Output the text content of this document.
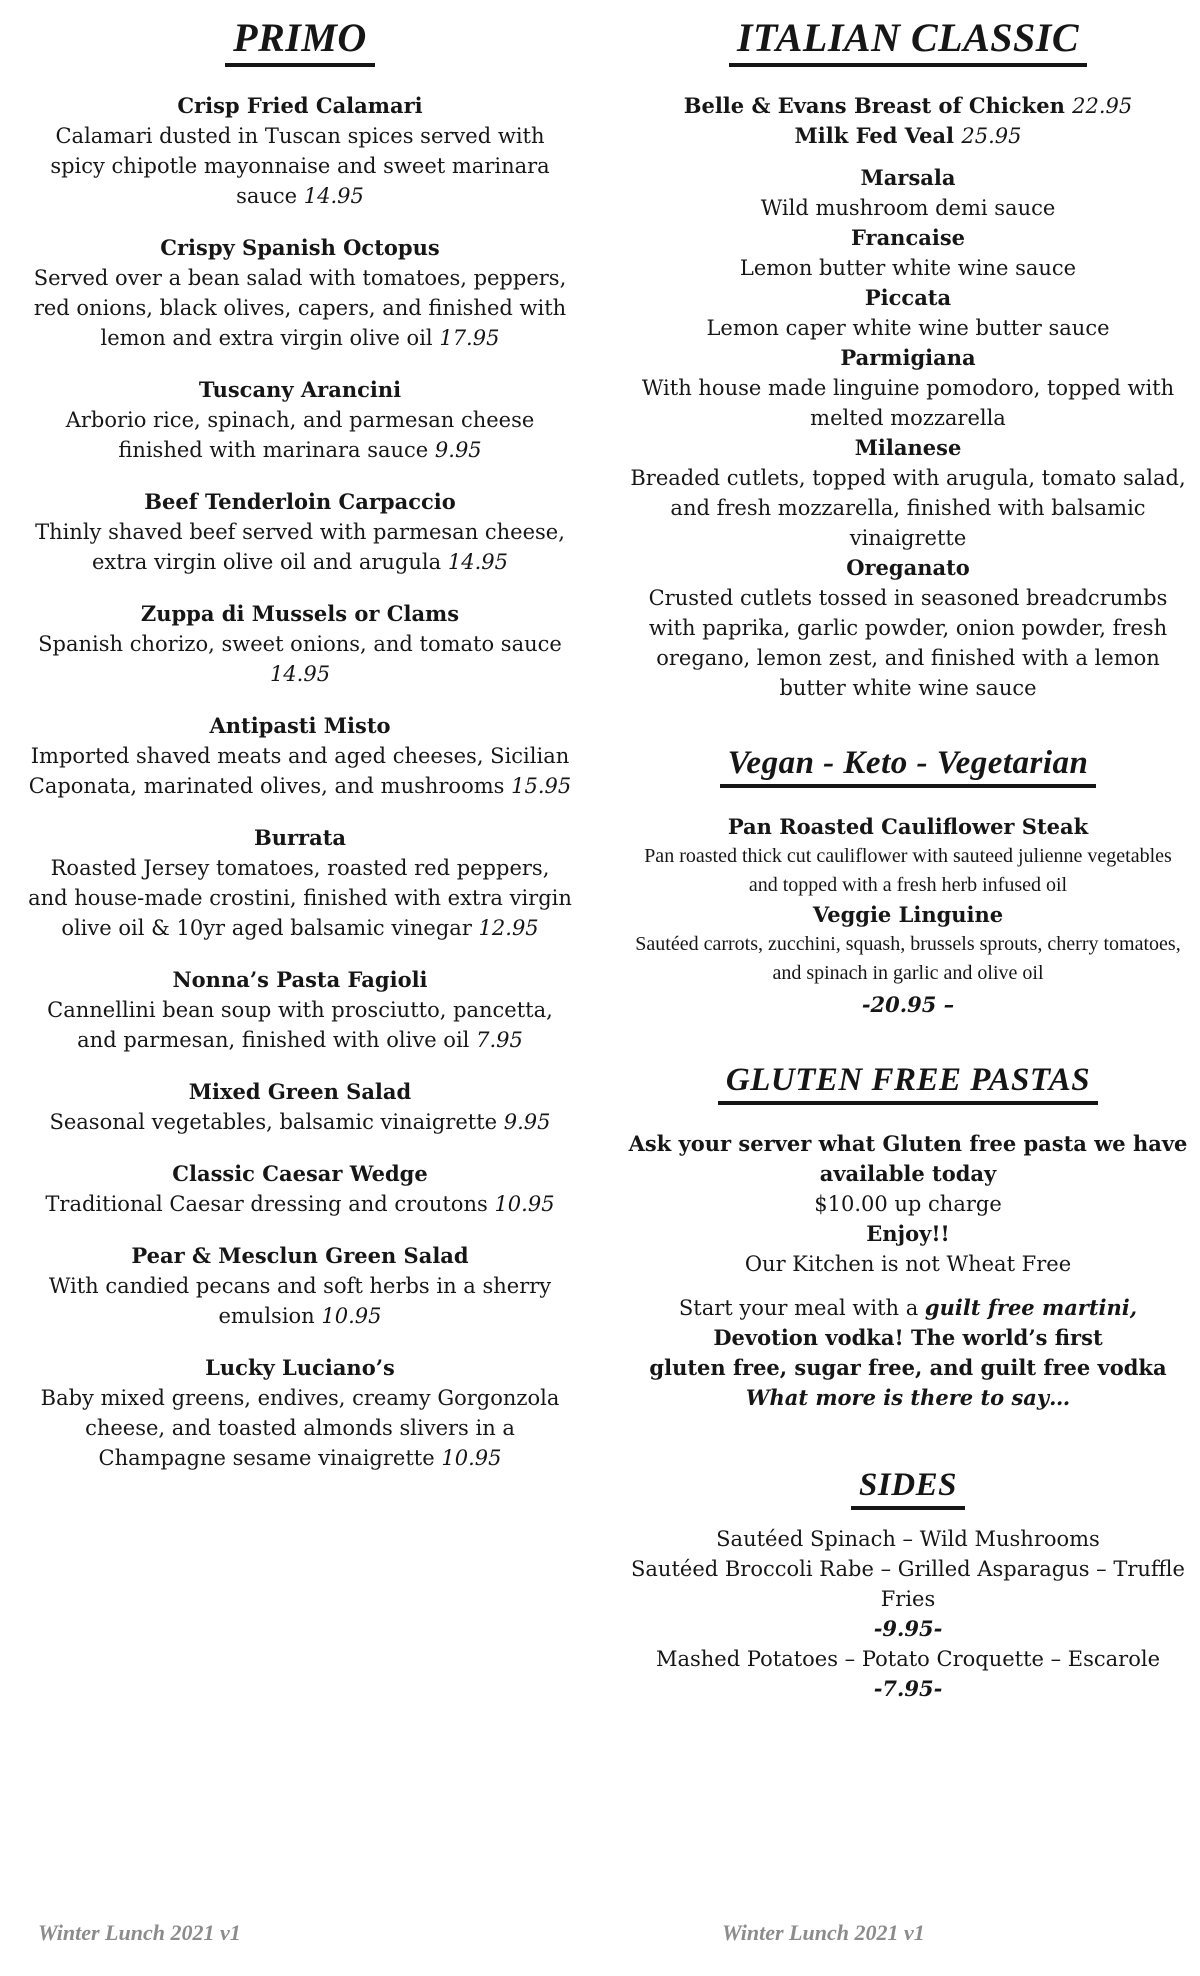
PRIMO
Crisp Fried Calamari
Calamari dusted in Tuscan spices served with spicy chipotle mayonnaise and sweet marinara sauce 14.95
Crispy Spanish Octopus
Served over a bean salad with tomatoes, peppers, red onions, black olives, capers, and finished with lemon and extra virgin olive oil 17.95
Tuscany Arancini
Arborio rice, spinach, and parmesan cheese finished with marinara sauce 9.95
Beef Tenderloin Carpaccio
Thinly shaved beef served with parmesan cheese, extra virgin olive oil and arugula 14.95
Zuppa di Mussels or Clams
Spanish chorizo, sweet onions, and tomato sauce 14.95
Antipasti Misto
Imported shaved meats and aged cheeses, Sicilian Caponata, marinated olives, and mushrooms 15.95
Burrata
Roasted Jersey tomatoes, roasted red peppers, and house-made crostini, finished with extra virgin olive oil & 10yr aged balsamic vinegar 12.95
Nonna’s Pasta Fagioli
Cannellini bean soup with prosciutto, pancetta, and parmesan, finished with olive oil 7.95
Mixed Green Salad
Seasonal vegetables, balsamic vinaigrette 9.95
Classic Caesar Wedge
Traditional Caesar dressing and croutons 10.95
Pear & Mesclun Green Salad
With candied pecans and soft herbs in a sherry emulsion 10.95
Lucky Luciano’s
Baby mixed greens, endives, creamy Gorgonzola cheese, and toasted almonds slivers in a Champagne sesame vinaigrette 10.95
ITALIAN CLASSIC
Belle & Evans Breast of Chicken 22.95
Milk Fed Veal 25.95
Marsala
Wild mushroom demi sauce
Francaise
Lemon butter white wine sauce
Piccata
Lemon caper white wine butter sauce
Parmigiana
With house made linguine pomodoro, topped with melted mozzarella
Milanese
Breaded cutlets, topped with arugula, tomato salad, and fresh mozzarella, finished with balsamic vinaigrette
Oreganato
Crusted cutlets tossed in seasoned breadcrumbs with paprika, garlic powder, onion powder, fresh oregano, lemon zest, and finished with a lemon butter white wine sauce
Vegan - Keto - Vegetarian
Pan Roasted Cauliflower Steak
Pan roasted thick cut cauliflower with sauteed julienne vegetables and topped with a fresh herb infused oil
Veggie Linguine
Sautéed carrots, zucchini, squash, brussels sprouts, cherry tomatoes, and spinach in garlic and olive oil
-20.95 –
GLUTEN FREE PASTAS
Ask your server what Gluten free pasta we have available today
$10.00 up charge
Enjoy!!
Our Kitchen is not Wheat Free
Start your meal with a guilt free martini,
Devotion vodka! The world’s first
gluten free, sugar free, and guilt free vodka
What more is there to say…
SIDES
Sautéed Spinach – Wild Mushrooms
Sautéed Broccoli Rabe – Grilled Asparagus – Truffle Fries
-9.95-
Mashed Potatoes – Potato Croquette – Escarole
-7.95-
Winter Lunch 2021 v1	Winter Lunch 2021 v1
